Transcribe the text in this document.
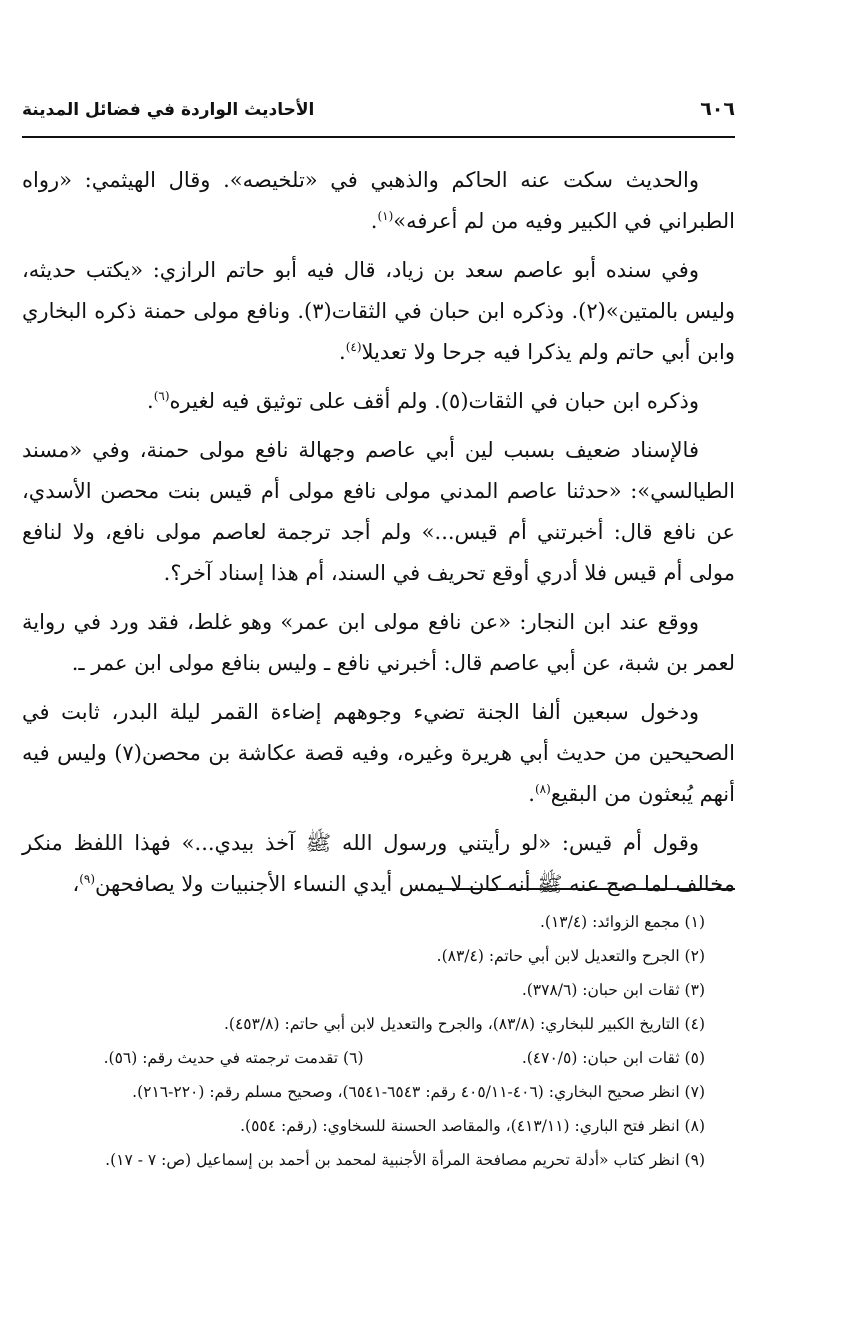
٦٠٦
الأحاديث الواردة في فضائل المدينة

والحديث سكت عنه الحاكم والذهبي في «تلخيصه». وقال الهيثمي: «رواه الطبراني في الكبير وفيه من لم أعرفه»$^{(١)}$.

وفي سنده أبو عاصم سعد بن زياد، قال فيه أبو حاتم الرازي: «يكتب حديثه، وليس بالمتين»(٢). وذكره ابن حبان في الثقات(٣). ونافع مولى حمنة ذكره البخاري وابن أبي حاتم ولم يذكرا فيه جرحا ولا تعديلا$^{(٤)}$.

وذكره ابن حبان في الثقات(٥). ولم أقف على توثيق فيه لغيره$^{(٦)}$.

فالإسناد ضعيف بسبب لين أبي عاصم وجهالة نافع مولى حمنة، وفي «مسند الطيالسي»: «حدثنا عاصم المدني مولى نافع مولى أم قيس بنت محصن الأسدي، عن نافع قال: أخبرتني أم قيس...» ولم أجد ترجمة لعاصم مولى نافع، ولا لنافع مولى أم قيس فلا أدري أوقع تحريف في السند، أم هذا إسناد آخر؟.

ووقع عند ابن النجار: «عن نافع مولى ابن عمر» وهو غلط، فقد ورد في رواية لعمر بن شبة، عن أبي عاصم قال: أخبرني نافع ـ وليس بنافع مولى ابن عمر ـ.

ودخول سبعين ألفا الجنة تضيء وجوههم إضاءة القمر ليلة البدر، ثابت في الصحيحين من حديث أبي هريرة وغيره، وفيه قصة عكاشة بن محصن(٧) وليس فيه أنهم يُبعثون من البقيع$^{(٨)}$.

وقول أم قيس: «لو رأيتني ورسول الله ﷺ آخذ بيدي...» فهذا اللفظ منكر مخالف لما صح عنه ﷺ أنه كان لا يمس أيدي النساء الأجنبيات ولا يصافحهن$^{(٩)}$،

(١) مجمع الزوائد: (١٣/٤).

(٢) الجرح والتعديل لابن أبي حاتم: (٨٣/٤).

(٣) ثقات ابن حبان: (٣٧٨/٦).

(٤) التاريخ الكبير للبخاري: (٨٣/٨)، والجرح والتعديل لابن أبي حاتم: (٤٥٣/٨).

(٥) ثقات ابن حبان: (٤٧٠/٥).
(٦) تقدمت ترجمته في حديث رقم: (٥٦).

(٧) انظر صحيح البخاري: (٤٠٦-٤٠٥/١١ رقم: ٦٥٤٣-٦٥٤١)، وصحيح مسلم رقم: (٢٢٠-٢١٦).

(٨) انظر فتح الباري: (٤١٣/١١)، والمقاصد الحسنة للسخاوي: (رقم: ٥٥٤).

(٩) انظر كتاب «أدلة تحريم مصافحة المرأة الأجنبية لمحمد بن أحمد بن إسماعيل (ص: ٧ - ١٧).
